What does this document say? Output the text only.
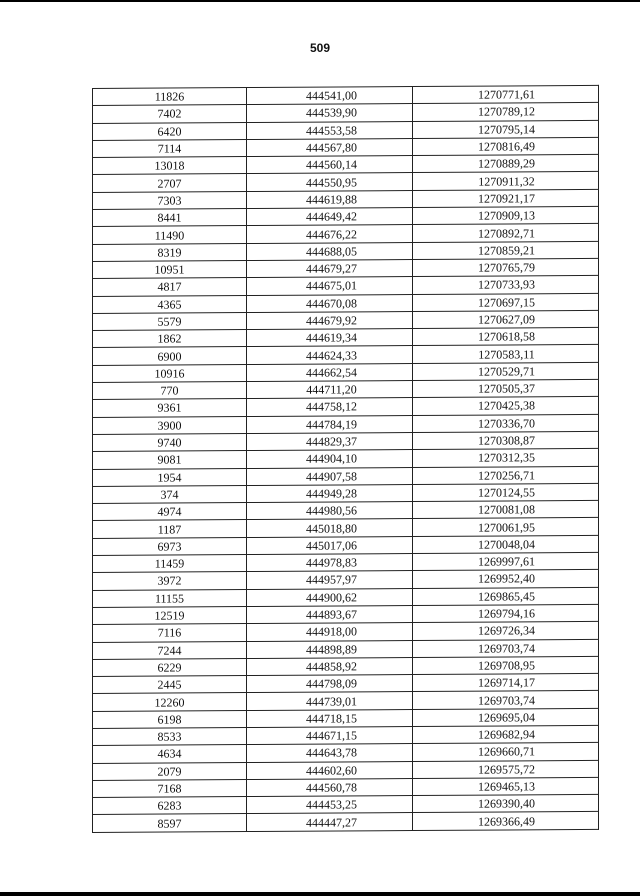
509
11826	444541,00	1270771,61
7402	444539,90	1270789,12
6420	444553,58	1270795,14
7114	444567,80	1270816,49
13018	444560,14	1270889,29
2707	444550,95	1270911,32
7303	444619,88	1270921,17
8441	444649,42	1270909,13
11490	444676,22	1270892,71
8319	444688,05	1270859,21
10951	444679,27	1270765,79
4817	444675,01	1270733,93
4365	444670,08	1270697,15
5579	444679,92	1270627,09
1862	444619,34	1270618,58
6900	444624,33	1270583,11
10916	444662,54	1270529,71
770	444711,20	1270505,37
9361	444758,12	1270425,38
3900	444784,19	1270336,70
9740	444829,37	1270308,87
9081	444904,10	1270312,35
1954	444907,58	1270256,71
374	444949,28	1270124,55
4974	444980,56	1270081,08
1187	445018,80	1270061,95
6973	445017,06	1270048,04
11459	444978,83	1269997,61
3972	444957,97	1269952,40
11155	444900,62	1269865,45
12519	444893,67	1269794,16
7116	444918,00	1269726,34
7244	444898,89	1269703,74
6229	444858,92	1269708,95
2445	444798,09	1269714,17
12260	444739,01	1269703,74
6198	444718,15	1269695,04
8533	444671,15	1269682,94
4634	444643,78	1269660,71
2079	444602,60	1269575,72
7168	444560,78	1269465,13
6283	444453,25	1269390,40
8597	444447,27	1269366,49
